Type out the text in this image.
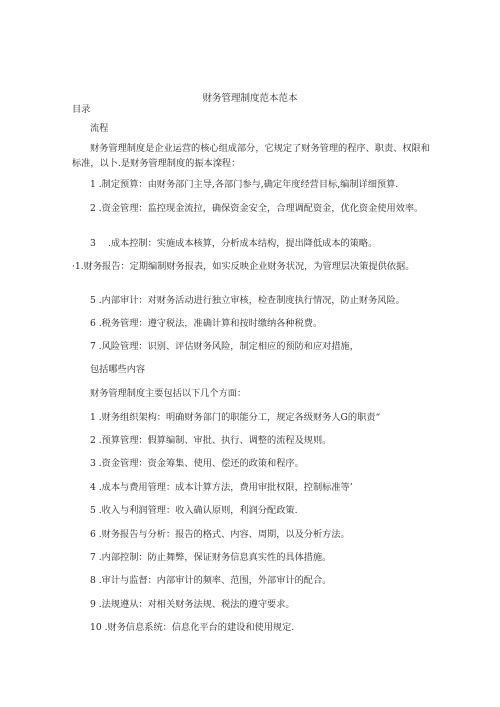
财务管理制度范本范本
目录
流程
财务管理制度是企业运营的核心组成部分，它规定了财务管理的程序、职责、权限和标准，以卜.是财务管理制度的振本滦程：
1 .制定预算：由财务部门主导,各部门参与,确定年度经营目标,编制详细预算.
2 .资金管理：监控现金流拉，确保资金安全，合理调配资金，优化资金使用效率。
3　 .成本控制：实施成本核算，分析成本结构，提出降低成本的策略。
·1.财务报告：定期编制财务报表，如实反映企业财务状况，为管理层决策提供依据。
5 .内部审计：对财务活动进行独立审核，检查制度执行情况，防止财务风险。
6 .税务管理：遵守税法，准确计算和按时缴纳各种税费。
7 .风险管理：识别、评估财务风险，制定相应的预防和应对措施，
包括哪些内容
财务管理制度主要包括以下几个方面：
1 .财务组织架构：明确财务部门的职能分工，规定各级财务人G的职责“
2 .预算管理：假算编制、审批、执行、调整的流程及规则。
3 .资金管理：资金筹集、使用、偿还的政策和程序。
4 .成本与费用管理：成本计算方法，费用审批权限，控制标准等’
5 .收入与利润管理：收入确认原则，利润分配政策.
6 .财务报告与分析：报告的格式、内容、周期，以及分析方法。
7 .内部控制：防止舞弊，保证财务信息真实性的具体措施。
8 .审计与监督：内部审计的频率、范围，外部审计的配合。
9 .法规遵从：对相关财务法规、税法的遵守要求。
10 .财务信息系统：信息化平台的建设和使用规定.
